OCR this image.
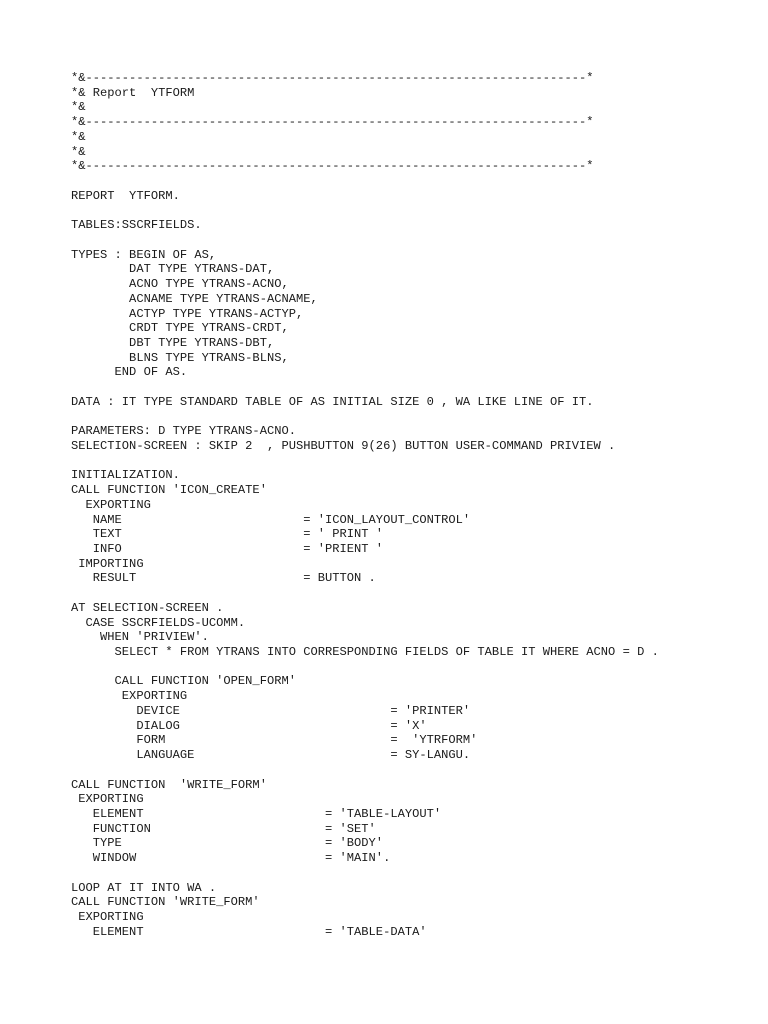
*&---------------------------------------------------------------------*
*& Report  YTFORM
*&
*&---------------------------------------------------------------------*
*&
*&
*&---------------------------------------------------------------------*
REPORT  YTFORM.
TABLES:SSCRFIELDS.
TYPES : BEGIN OF AS,
DAT TYPE YTRANS-DAT,
ACNO TYPE YTRANS-ACNO,
ACNAME TYPE YTRANS-ACNAME,
ACTYP TYPE YTRANS-ACTYP,
CRDT TYPE YTRANS-CRDT,
DBT TYPE YTRANS-DBT,
BLNS TYPE YTRANS-BLNS,
END OF AS.
DATA : IT TYPE STANDARD TABLE OF AS INITIAL SIZE 0 , WA LIKE LINE OF IT.
PARAMETERS: D TYPE YTRANS-ACNO.
SELECTION-SCREEN : SKIP 2  , PUSHBUTTON 9(26) BUTTON USER-COMMAND PRIVIEW .
INITIALIZATION.
CALL FUNCTION 'ICON_CREATE'
EXPORTING
NAME                         = 'ICON_LAYOUT_CONTROL'
TEXT                         = ' PRINT '
INFO                         = 'PRIENT '
IMPORTING
RESULT                       = BUTTON .
AT SELECTION-SCREEN .
CASE SSCRFIELDS-UCOMM.
WHEN 'PRIVIEW'.
SELECT * FROM YTRANS INTO CORRESPONDING FIELDS OF TABLE IT WHERE ACNO = D .
CALL FUNCTION 'OPEN_FORM'
EXPORTING
DEVICE                             = 'PRINTER'
DIALOG                             = 'X'
FORM                               =  'YTRFORM'
LANGUAGE                           = SY-LANGU.
CALL FUNCTION  'WRITE_FORM'
EXPORTING
ELEMENT                         = 'TABLE-LAYOUT'
FUNCTION                        = 'SET'
TYPE                            = 'BODY'
WINDOW                          = 'MAIN'.
LOOP AT IT INTO WA .
CALL FUNCTION 'WRITE_FORM'
EXPORTING
ELEMENT                         = 'TABLE-DATA'
